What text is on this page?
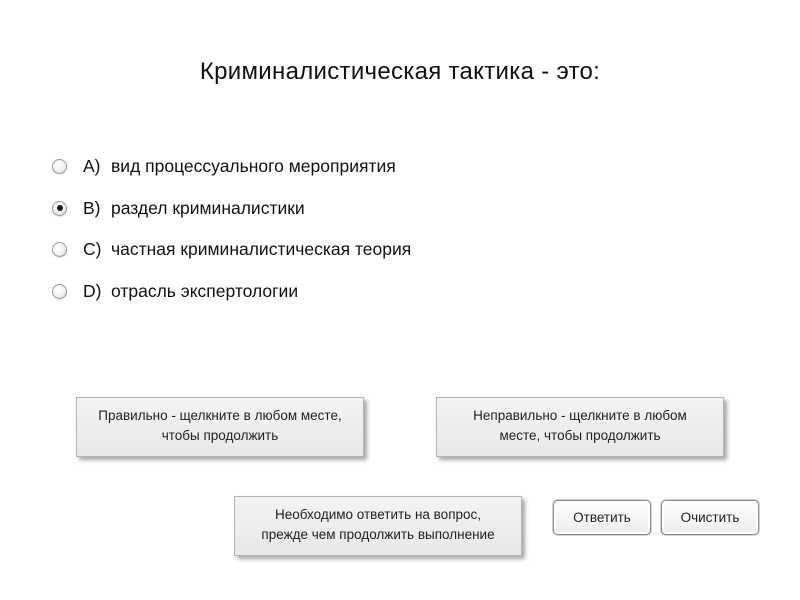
Криминалистическая тактика - это:
A) вид процессуального мероприятия
B) раздел криминалистики
C) частная криминалистическая теория
D) отрасль экспертологии
Правильно - щелкните в любом месте,
чтобы продолжить
Неправильно - щелкните в любом
месте, чтобы продолжить
Необходимо ответить на вопрос,
прежде чем продолжить выполнение
Ответить	Очистить
